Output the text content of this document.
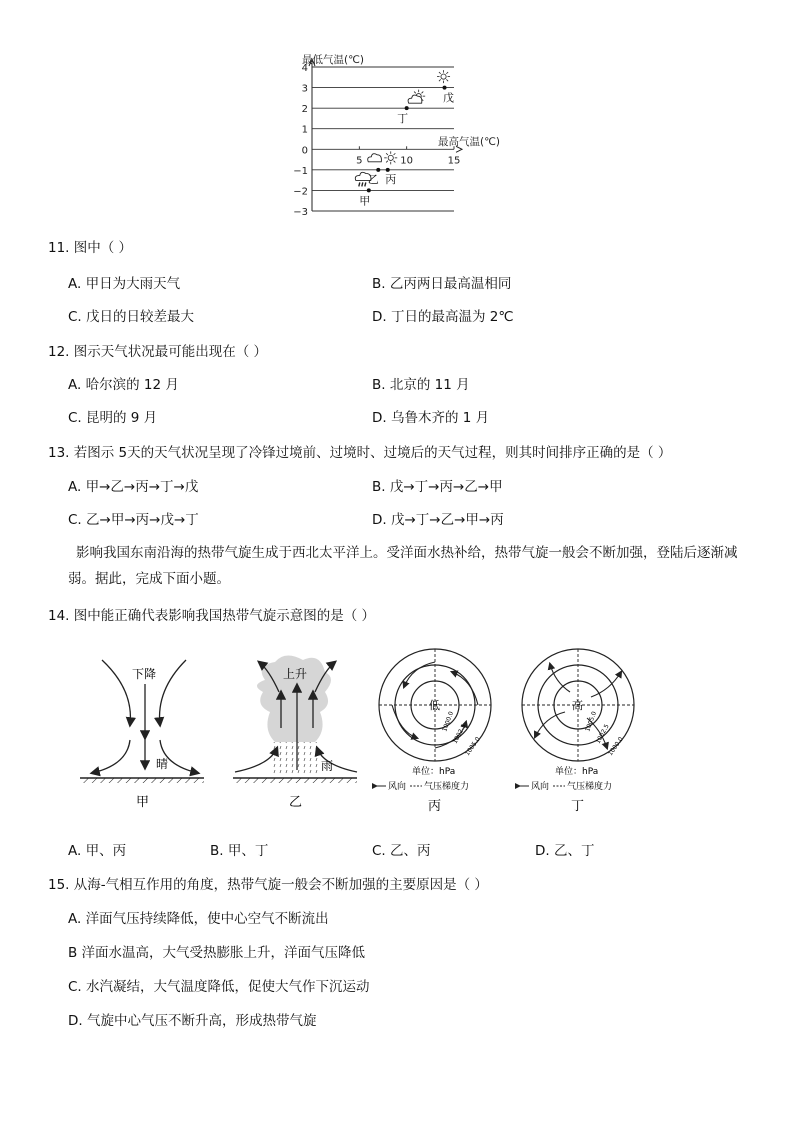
最低气温(℃)
最高气温(℃)
4
3
2
1
0
−1
−2
−3
5	10	15
甲
乙 丙
丁
戊
11. 图中（ ）
A. 甲日为大雨天气	B. 乙丙两日最高温相同
C. 戊日的日较差最大	D. 丁日的最高温为 2℃
12. 图示天气状况最可能出现在（ ）
A. 哈尔滨的 12 月	B. 北京的 11 月
C. 昆明的 9 月	D. 乌鲁木齐的 1 月
13. 若图示 5天的天气状况呈现了冷锋过境前、过境时、过境后的天气过程，则其时间排序正确的是（ ）
A. 甲→乙→丙→丁→戊	B. 戊→丁→丙→乙→甲
C. 乙→甲→丙→戊→丁	D. 戊→丁→乙→甲→丙
影响我国东南沿海的热带气旋生成于西北太平洋上。受洋面水热补给，热带气旋一般会不断加强，登陆后逐渐减弱。据此，完成下面小题。
14. 图中能正确代表影响我国热带气旋示意图的是（ ）
下降
晴
甲
上升
雨
乙
低
1000.0
1002.5
1005.0
单位：hPa
风向 气压梯度力
丙
高
1005.0
1002.5
1000.0
单位：hPa
风向 气压梯度力
丁
A. 甲、丙	B. 甲、丁	C. 乙、丙	D. 乙、丁
15. 从海-气相互作用的角度，热带气旋一般会不断加强的主要原因是（ ）
A. 洋面气压持续降低，使中心空气不断流出
B 洋面水温高，大气受热膨胀上升，洋面气压降低
C. 水汽凝结，大气温度降低，促使大气作下沉运动
D. 气旋中心气压不断升高，形成热带气旋
